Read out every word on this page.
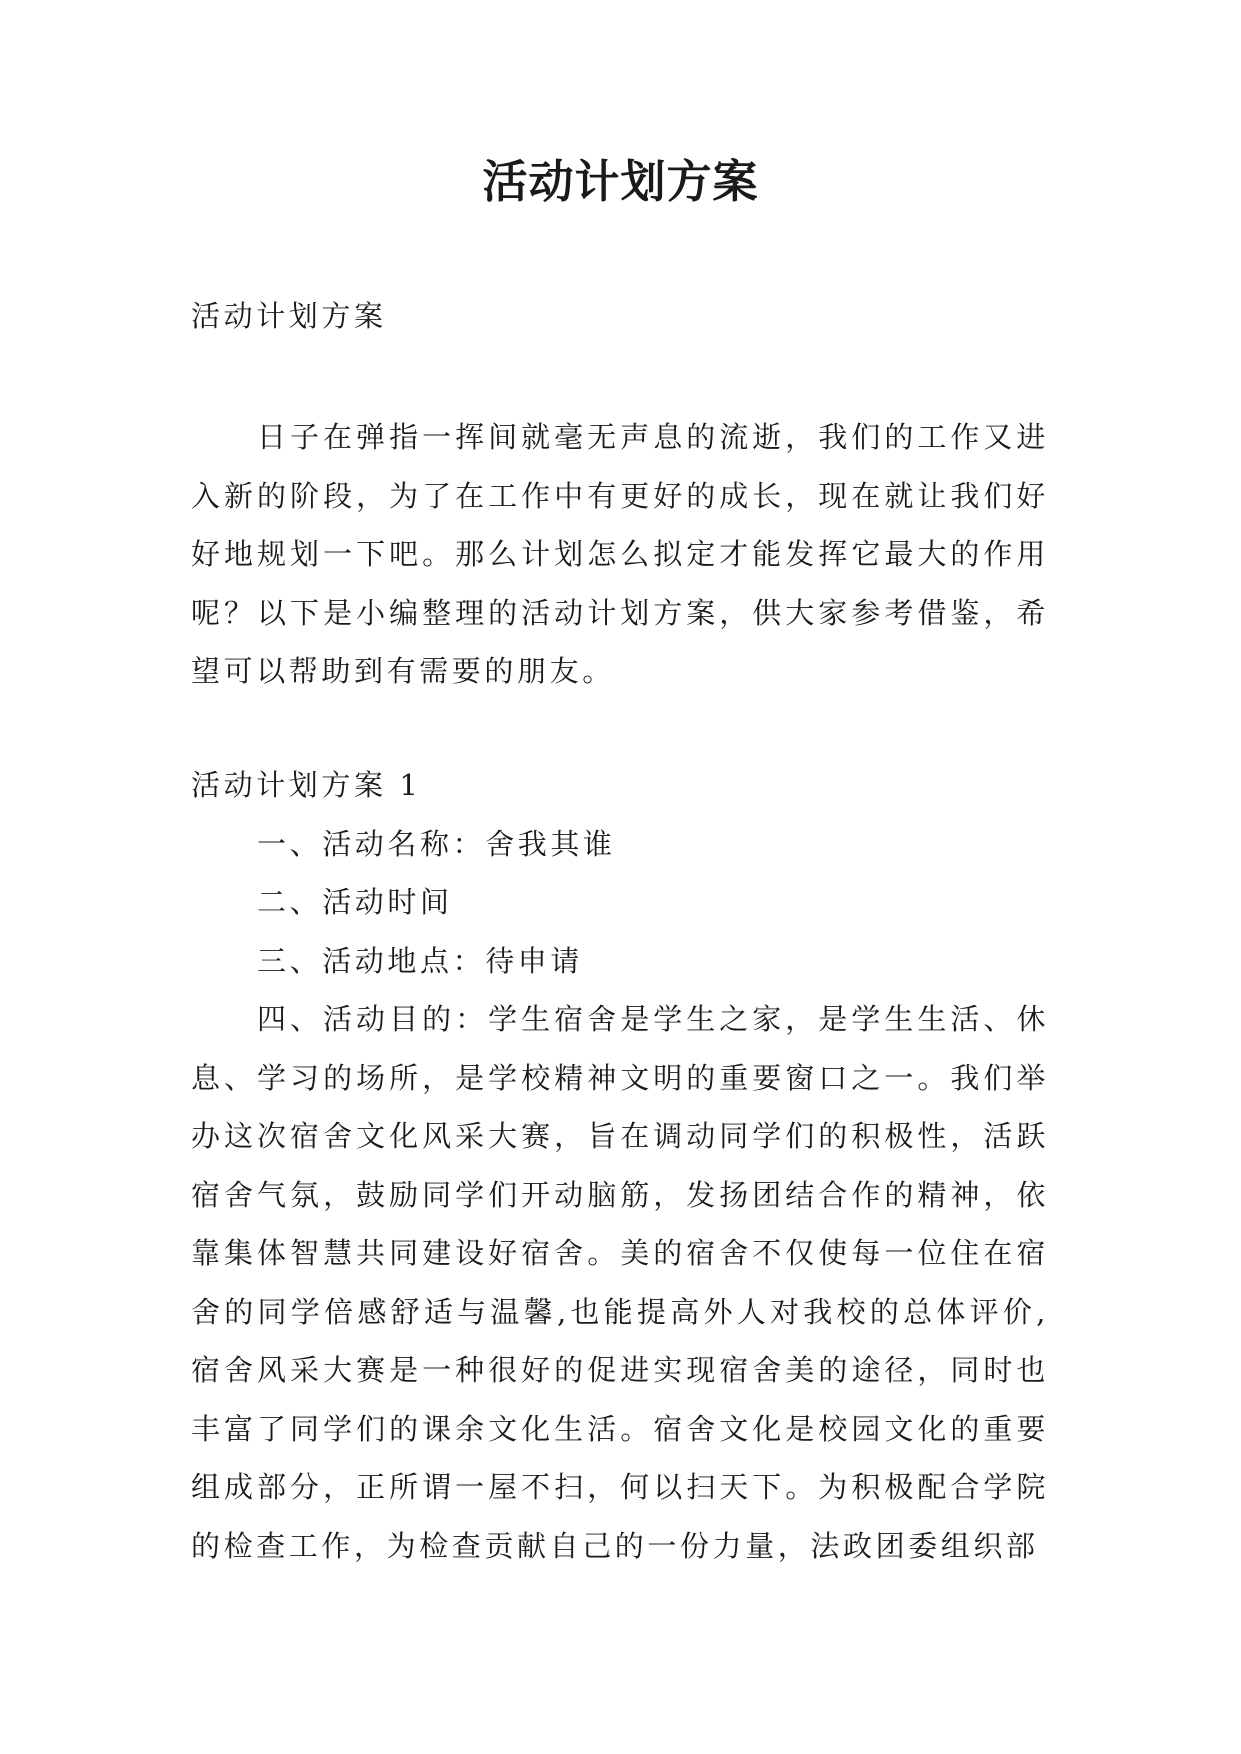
活动计划方案

活动计划方案

日子在弹指一挥间就毫无声息的流逝，我们的工作又进入新的阶段，为了在工作中有更好的成长，现在就让我们好好地规划一下吧。那么计划怎么拟定才能发挥它最大的作用呢？以下是小编整理的活动计划方案，供大家参考借鉴，希望可以帮助到有需要的朋友。

活动计划方案 1

一、活动名称：舍我其谁

二、活动时间

三、活动地点：待申请

四、活动目的：学生宿舍是学生之家，是学生生活、休息、学习的场所，是学校精神文明的重要窗口之一。我们举办这次宿舍文化风采大赛，旨在调动同学们的积极性，活跃宿舍气氛，鼓励同学们开动脑筋，发扬团结合作的精神，依靠集体智慧共同建设好宿舍。美的宿舍不仅使每一位住在宿舍的同学倍感舒适与温馨,也能提高外人对我校的总体评价,宿舍风采大赛是一种很好的促进实现宿舍美的途径，同时也丰富了同学们的课余文化生活。宿舍文化是校园文化的重要组成部分，正所谓一屋不扫，何以扫天下。为积极配合学院的检查工作，为检查贡献自己的一份力量，法政团委组织部
